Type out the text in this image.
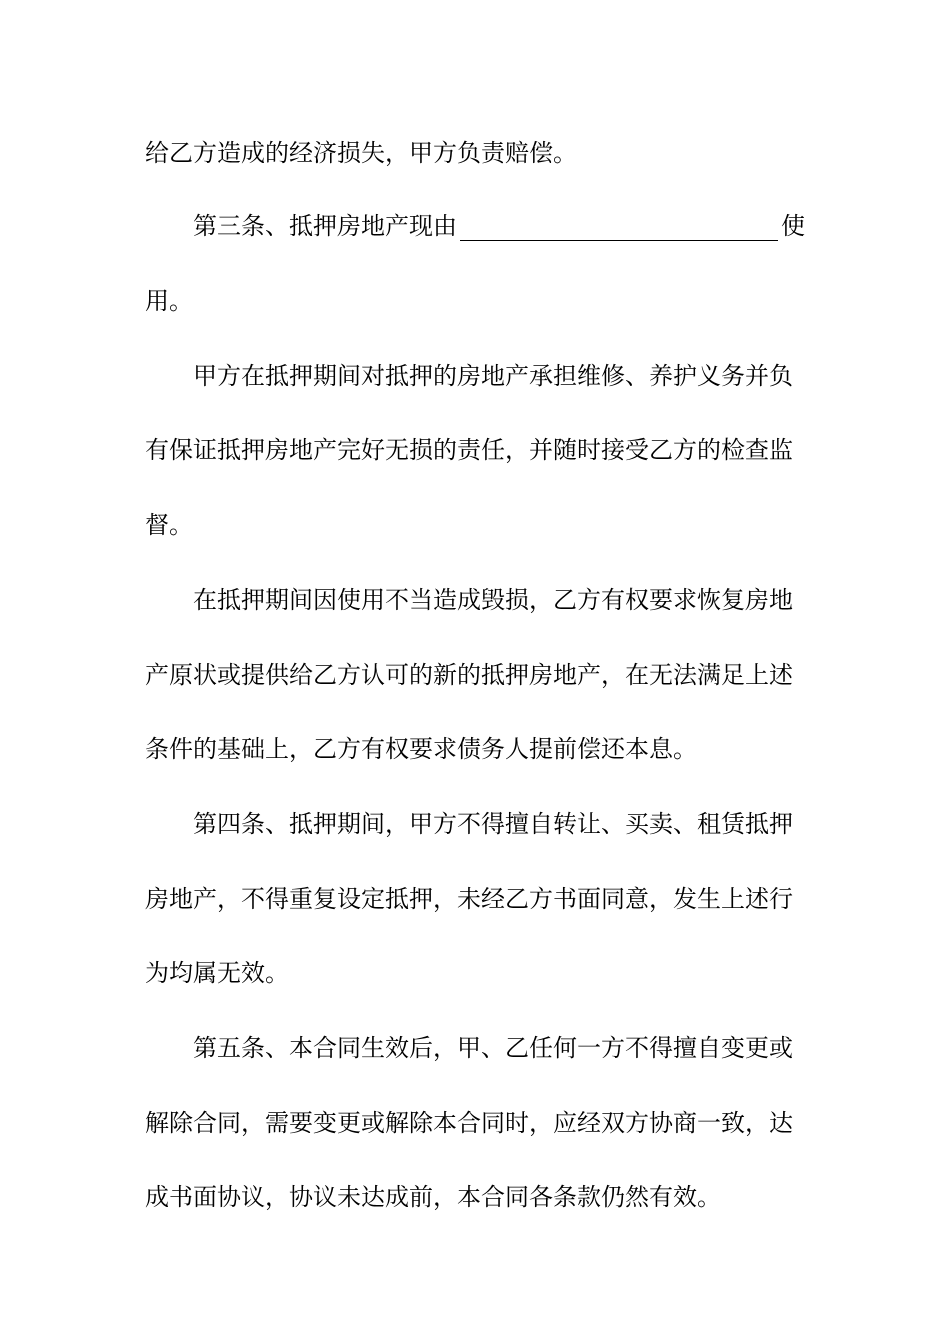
给乙方造成的经济损失，甲方负责赔偿。
第三条、抵押房地产现由	使
用。
甲方在抵押期间对抵押的房地产承担维修、养护义务并负
有保证抵押房地产完好无损的责任，并随时接受乙方的检查监
督。
在抵押期间因使用不当造成毁损，乙方有权要求恢复房地
产原状或提供给乙方认可的新的抵押房地产，在无法满足上述
条件的基础上，乙方有权要求债务人提前偿还本息。
第四条、抵押期间，甲方不得擅自转让、买卖、租赁抵押
房地产，不得重复设定抵押，未经乙方书面同意，发生上述行
为均属无效。
第五条、本合同生效后，甲、乙任何一方不得擅自变更或
解除合同，需要变更或解除本合同时，应经双方协商一致，达
成书面协议，协议未达成前，本合同各条款仍然有效。
